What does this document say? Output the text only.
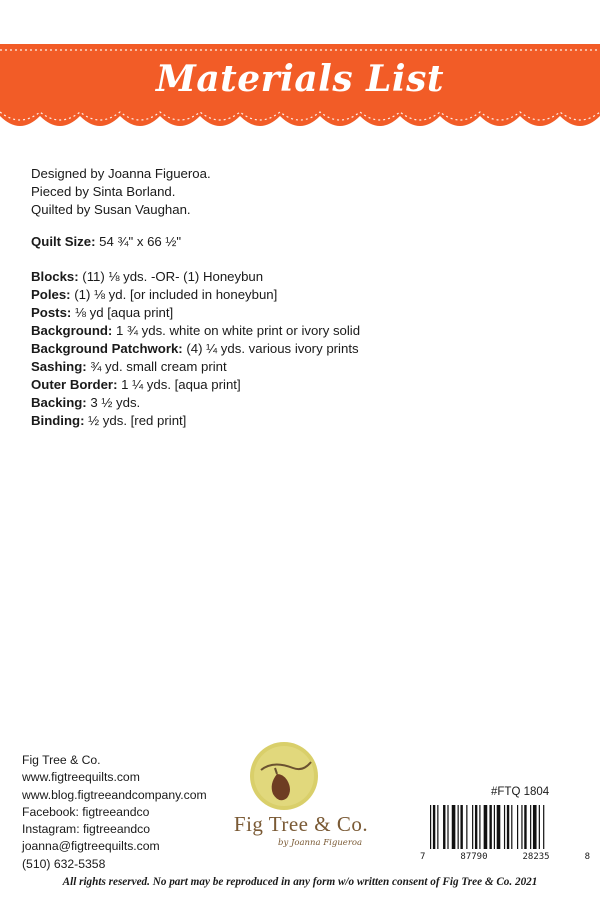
Materials List
Designed by Joanna Figueroa.
Pieced by Sinta Borland.
Quilted by Susan Vaughan.
Quilt Size: 54 ¾" x 66 ½"
Blocks: (11) ⅛ yds. -OR- (1) Honeybun
Poles: (1) ⅛ yd. [or included in honeybun]
Posts: ⅛ yd [aqua print]
Background: 1 ¾ yds. white on white print or ivory solid
Background Patchwork: (4) ¼ yds. various ivory prints
Sashing: ¾ yd. small cream print
Outer Border: 1 ¼ yds. [aqua print]
Backing: 3 ½ yds.
Binding: ½ yds. [red print]
Fig Tree & Co.
www.figtreequilts.com
www.blog.figtreeandcompany.com
Facebook: figtreeandco
Instagram: figtreeandco
joanna@figtreequilts.com
(510) 632-5358
Fig Tree & Co.
by Joanna Figueroa
#FTQ 1804
7	87790	28235	8
All rights reserved. No part may be reproduced in any form w/o written consent of Fig Tree & Co. 2021
